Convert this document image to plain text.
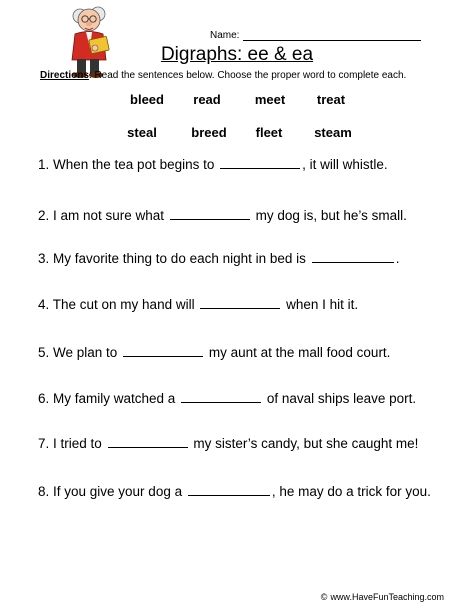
Name:
Digraphs: ee & ea
Directions: Read the sentences below. Choose the proper word to complete each.
bleed	read	meet	treat
steal	breed	fleet	steam
1. When the tea pot begins to	, it will whistle.
2. I am not sure what	my dog is, but he’s small.
3. My favorite thing to do each night in bed is	.
4. The cut on my hand will	when I hit it.
5. We plan to	my aunt at the mall food court.
6. My family watched a	of naval ships leave port.
7. I tried to	my sister’s candy, but she caught me!
8. If you give your dog a	, he may do a trick for you.
© www.HaveFunTeaching.com
